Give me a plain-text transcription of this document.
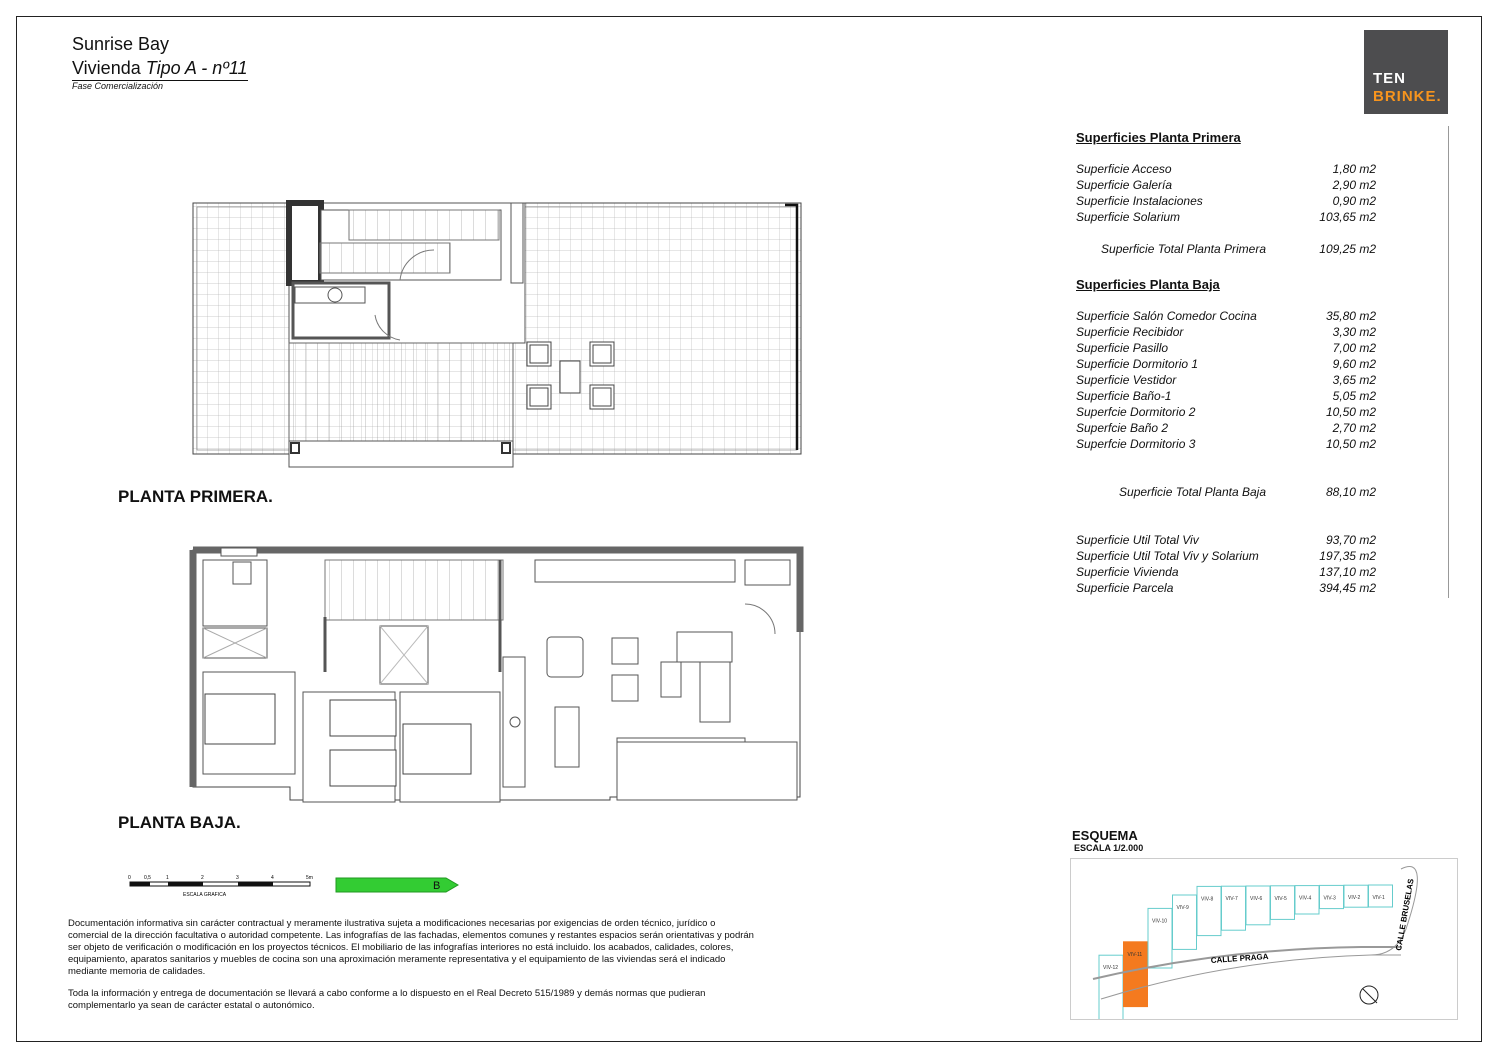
Sunrise Bay
Vivienda Tipo A - nº11
Fase Comercialización	TEN
BRINKE.
Superficies Planta Primera
Superficie Acceso	1,80 m2
Superficie Galería	2,90 m2
Superficie Instalaciones	0,90 m2
Superficie Solarium	103,65 m2
Superficie Total Planta Primera	109,25 m2
Superficies Planta Baja
Superficie Salón Comedor Cocina	35,80 m2
Superficie Recibidor	3,30 m2
Superficie Pasillo	7,00 m2
Superficie Dormitorio 1	9,60 m2
Superficie Vestidor	3,65 m2
Superficie Baño-1	5,05 m2
Superfcie Dormitorio 2	10,50 m2
Superfcie Baño 2	2,70 m2
Superfcie Dormitorio 3	10,50 m2
Superficie Total Planta Baja	88,10 m2
Superficie Util Total Viv	93,70 m2
Superficie Util Total Viv y Solarium	197,35 m2
Superficie Vivienda	137,10 m2
Superficie Parcela	394,45 m2
PLANTA PRIMERA.
PLANTA BAJA.
ESCALA GRAFICA
0	0,5	1	2	3	4	5m
B

Documentación informativa sin carácter contractual y meramente ilustrativa sujeta a modificaciones necesarias por exigencias de orden técnico, jurídico o comercial de la dirección facultativa o autoridad competente. Las infografías de las fachadas, elementos comunes y restantes espacios serán orientativas y podrán ser objeto de verificación o modificación en los proyectos técnicos. El mobiliario de las infografías interiores no está incluido. los acabados, calidades, colores, equipamiento, aparatos sanitarios y muebles de cocina son una aproximación meramente representativa y el equipamiento de las viviendas será el indicado mediante memoria de calidades.

Toda la información y entrega de documentación se llevará a cabo conforme a lo dispuesto en el Real Decreto 515/1989 y demás normas que pudieran complementarlo ya sean de carácter estatal o autonómico.

ESQUEMA
ESCALA 1/2.000
VIV-12
VIV-11
VIV-10
VIV-9
VIV-8 VIV-7 VIV-6 VIV-5 VIV-4 VIV-3 VIV-2 VIV-1
CALLE PRAGA
CALLE BRUSELAS
